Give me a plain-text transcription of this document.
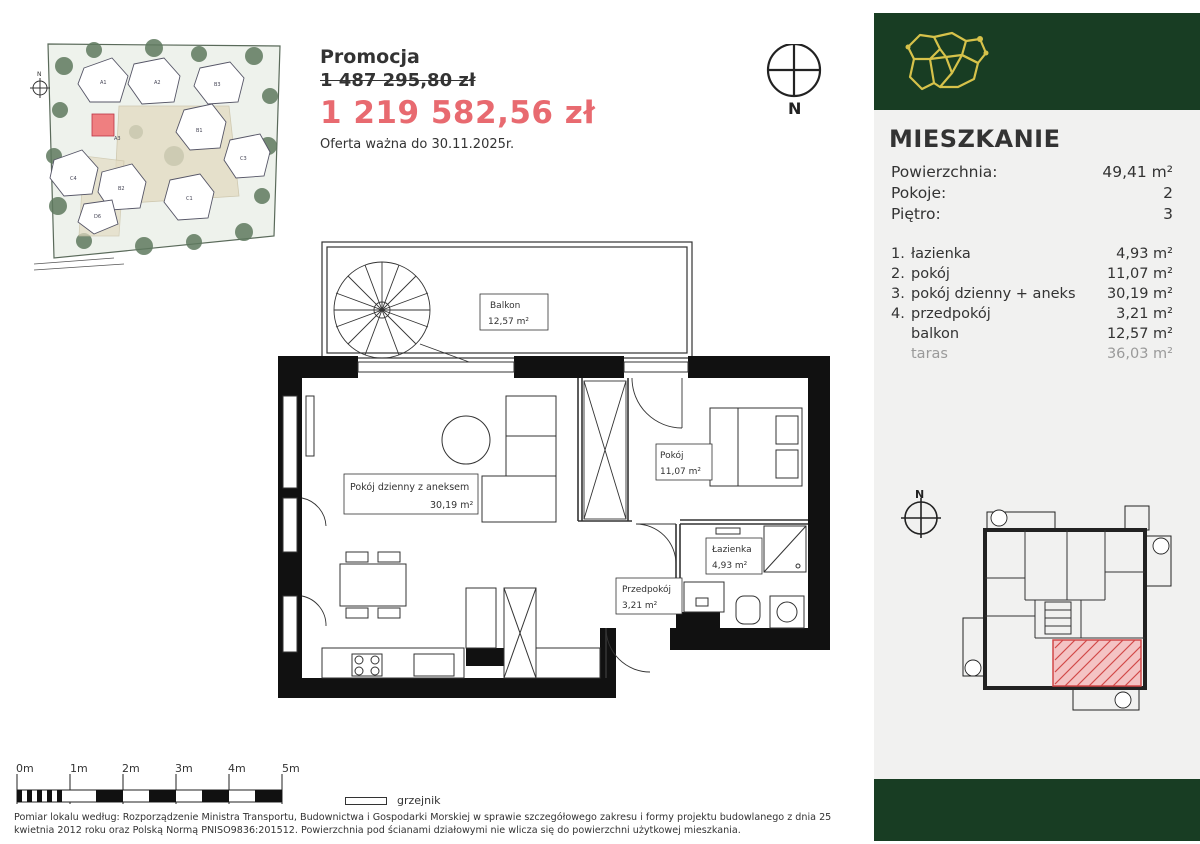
A1	A2	B3
B1
C3
C4
B2
C1
D6
A3
N
Promocja
1 487 295,80 zł
1 219 582,56 zł
Oferta ważna do 30.11.2025r.
N
Balkon
12,57 m²
Pokój dzienny z aneksem
30,19 m²
Pokój
11,07 m²
Łazienka
4,93 m²
Przedpokój
3,21 m²
MIESZKANIE
Powierzchnia:	49,41 m²
Pokoje:	2
Piętro:	3
1. łazienka	4,93 m²
2. pokój	11,07 m²
3. pokój dzienny + aneks 30,19 m²
4. przedpokój	3,21 m²
balkon	12,57 m²
taras	36,03 m²
N
0m	1m	2m	3m	4m	5m
grzejnik
Pomiar lokalu według: Rozporządzenie Ministra Transportu, Budownictwa i Gospodarki Morskiej w sprawie szczegółowego zakresu i formy projektu budowlanego z dnia 25 kwietnia 2012 roku oraz Polską Normą PNISO9836:201512. Powierzchnia pod ścianami działowymi nie wlicza się do powierzchni użytkowej mieszkania.
